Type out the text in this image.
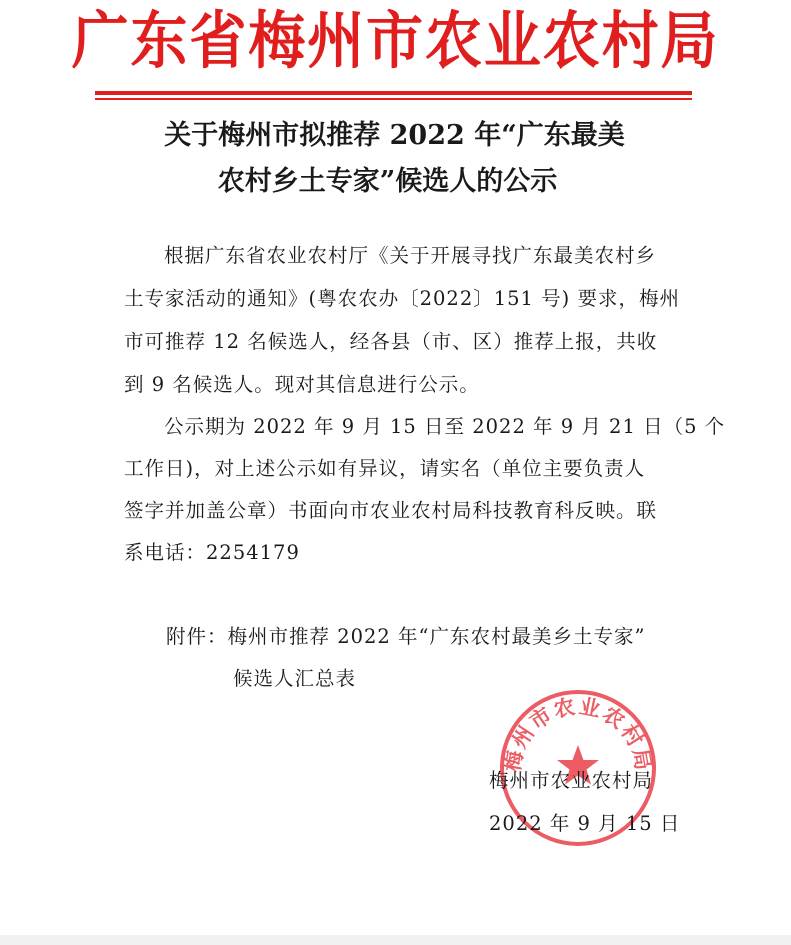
广东省梅州市农业农村局
关于梅州市拟推荐 2022 年“广东最美
农村乡土专家”候选人的公示
根据广东省农业农村厅《关于开展寻找广东最美农村乡
土专家活动的通知》(粤农农办〔2022〕151 号) 要求，梅州
市可推荐 12 名候选人，经各县（市、区）推荐上报，共收
到 9 名候选人。现对其信息进行公示。
公示期为 2022 年 9 月 15 日至 2022 年 9 月 21 日（5 个
工作日)，对上述公示如有异议，请实名（单位主要负责人
签字并加盖公章）书面向市农业农村局科技教育科反映。联
系电话：2254179
附件：梅州市推荐 2022 年“广东农村最美乡土专家”
候选人汇总表
梅州市农业农村局
梅州市农业农村局
2022 年 9 月 15 日
